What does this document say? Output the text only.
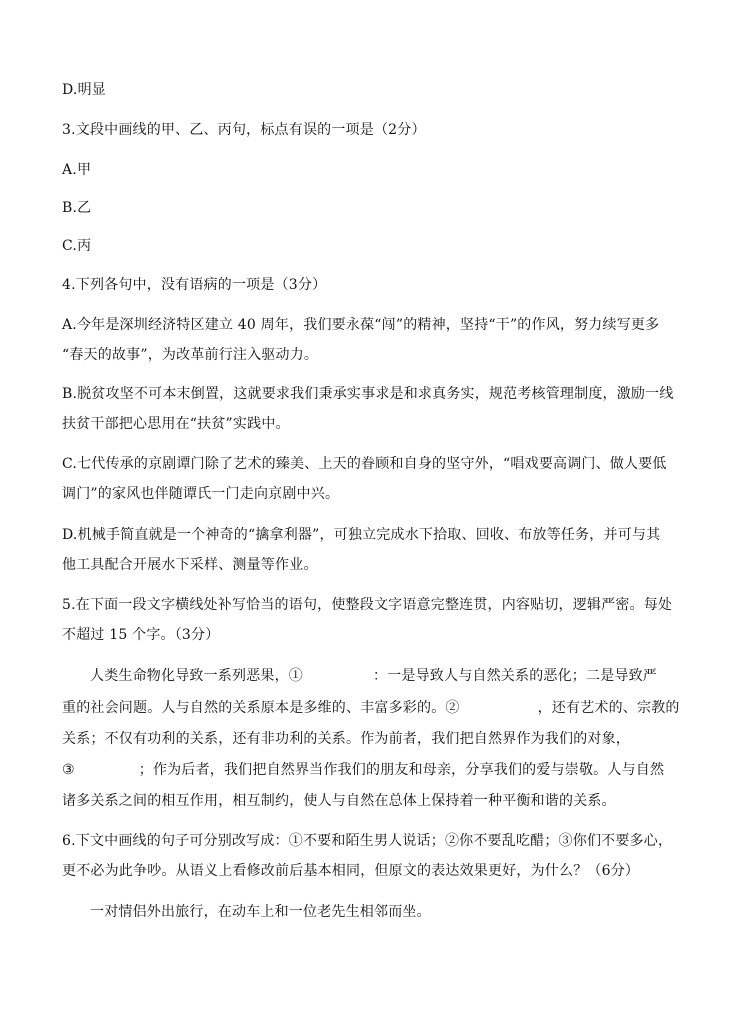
D.明显
3.文段中画线的甲、乙、丙句，标点有误的一项是（2分）
A.甲
B.乙
C.丙
4.下列各句中，没有语病的一项是（3分）
A.今年是深圳经济特区建立 40 周年，我们要永葆“闯”的精神，坚持“干”的作风，努力续写更多
“春天的故事”，为改革前行注入驱动力。
B.脱贫攻坚不可本末倒置，这就要求我们秉承实事求是和求真务实，规范考核管理制度，激励一线
扶贫干部把心思用在“扶贫”实践中。
C.七代传承的京剧谭门除了艺术的臻美、上天的眷顾和自身的坚守外，“唱戏要高调门、做人要低
调门”的家风也伴随谭氏一门走向京剧中兴。
D.机械手简直就是一个神奇的“擒拿利器”，可独立完成水下拾取、回收、布放等任务，并可与其
他工具配合开展水下采样、测量等作业。
5.在下面一段文字横线处补写恰当的语句，使整段文字语意完整连贯，内容贴切，逻辑严密。每处
不超过 15 个字。（3分）
人类生命物化导致一系列恶果，①	：一是导致人与自然关系的恶化；二是导致严
重的社会问题。人与自然的关系原本是多维的、丰富多彩的。②	，还有艺术的、宗教的
关系；不仅有功利的关系，还有非功利的关系。作为前者，我们把自然界作为我们的对象，
③	；作为后者，我们把自然界当作我们的朋友和母亲，分享我们的爱与崇敬。人与自然
诸多关系之间的相互作用，相互制约，使人与自然在总体上保持着一种平衡和谐的关系。
6.下文中画线的句子可分别改写成：①不要和陌生男人说话；②你不要乱吃醋；③你们不要多心，
更不必为此争吵。从语义上看修改前后基本相同，但原文的表达效果更好，为什么？（6分）
一对情侣外出旅行，在动车上和一位老先生相邻而坐。
